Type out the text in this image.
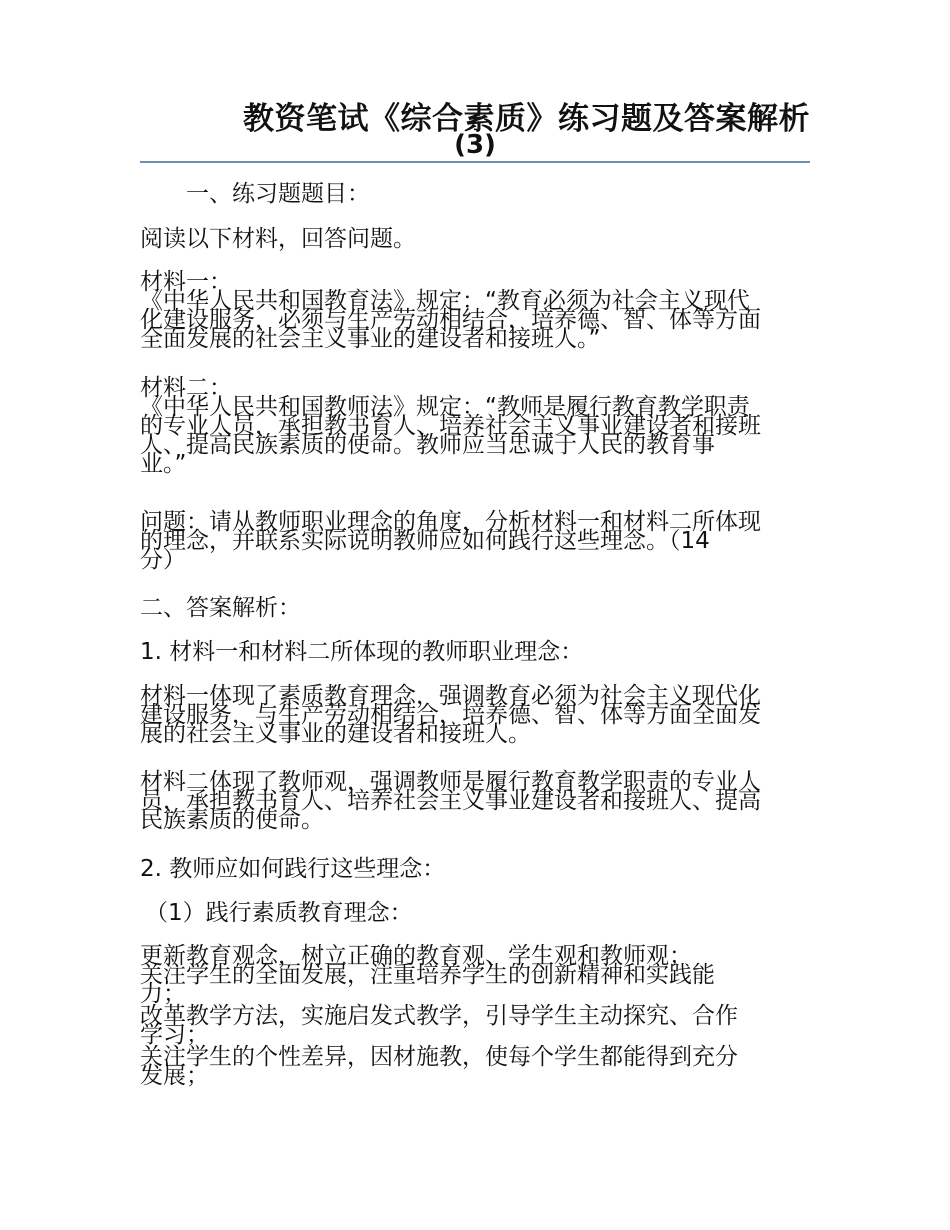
教资笔试《综合素质》练习题及答案解析
(3)
一、练习题题目：
阅读以下材料，回答问题。
材料一：
《中华人民共和国教育法》规定：“教育必须为社会主义现代
化建设服务，必须与生产劳动相结合，培养德、智、体等方面
全面发展的社会主义事业的建设者和接班人。”
材料二：
《中华人民共和国教师法》规定：“教师是履行教育教学职责
的专业人员，承担教书育人、培养社会主义事业建设者和接班
人、提高民族素质的使命。教师应当忠诚于人民的教育事
业。”
问题：请从教师职业理念的角度，分析材料一和材料二所体现
的理念，并联系实际说明教师应如何践行这些理念。（14
分）
二、答案解析：
1. 材料一和材料二所体现的教师职业理念：
材料一体现了素质教育理念，强调教育必须为社会主义现代化
建设服务，与生产劳动相结合，培养德、智、体等方面全面发
展的社会主义事业的建设者和接班人。
材料二体现了教师观，强调教师是履行教育教学职责的专业人
员，承担教书育人、培养社会主义事业建设者和接班人、提高
民族素质的使命。
2. 教师应如何践行这些理念：
（1）践行素质教育理念：
更新教育观念，树立正确的教育观、学生观和教师观；
关注学生的全面发展，注重培养学生的创新精神和实践能
力；
改革教学方法，实施启发式教学，引导学生主动探究、合作
学习；
关注学生的个性差异，因材施教，使每个学生都能得到充分
发展；
